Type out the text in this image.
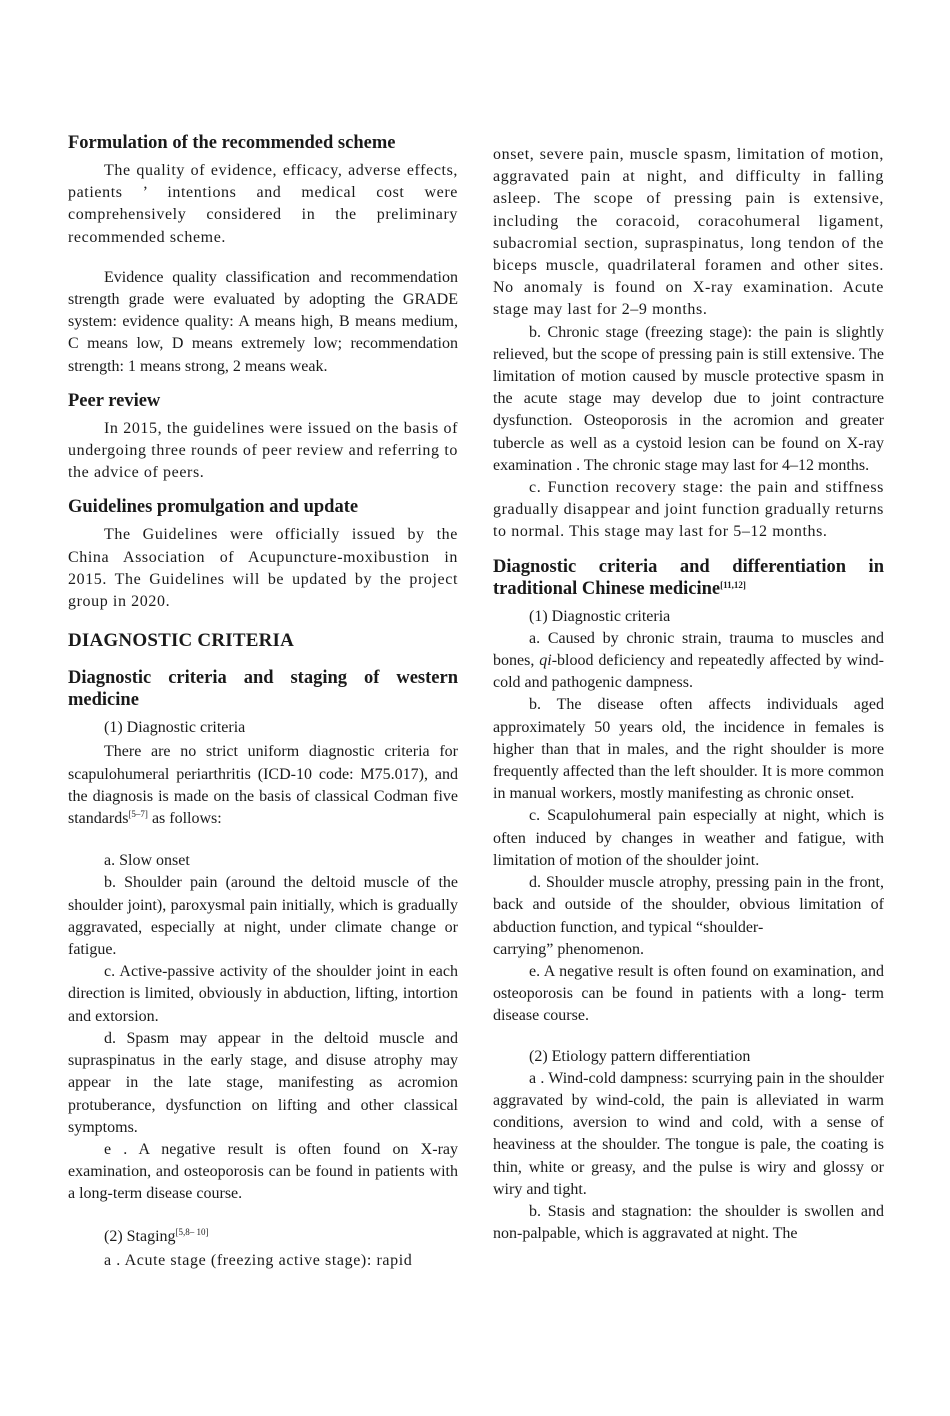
Formulation of the recommended scheme

The quality of evidence, efficacy, adverse effects, patients ’ intentions and medical cost were comprehensively considered in the preliminary recommended scheme.

Evidence quality classification and recommendation strength grade were evaluated by adopting the GRADE system: evidence quality: A means high, B means medium, C means low, D means extremely low; recommendation strength: 1 means strong, 2 means weak.

Peer review

In 2015, the guidelines were issued on the basis of undergoing three rounds of peer review and referring to the advice of peers.

Guidelines promulgation and update

The Guidelines were officially issued by the China Association of Acupuncture-moxibustion in 2015. The Guidelines will be updated by the project group in 2020.

DIAGNOSTIC CRITERIA
Diagnostic criteria and staging of western medicine

(1) Diagnostic criteria

There are no strict uniform diagnostic criteria for scapulohumeral periarthritis (ICD-10 code: M75.017), and the diagnosis is made on the basis of classical Codman five standards[5–7] as follows:

a. Slow onset

b. Shoulder pain (around the deltoid muscle of the shoulder joint), paroxysmal pain initially, which is gradually aggravated, especially at night, under climate change or fatigue.

c. Active-passive activity of the shoulder joint in each direction is limited, obviously in abduction, lifting, intortion and extorsion.

d. Spasm may appear in the deltoid muscle and supraspinatus in the early stage, and disuse atrophy may appear in the late stage, manifesting as acromion protuberance, dysfunction on lifting and other classical symptoms.

e . A negative result is often found on X-ray examination, and osteoporosis can be found in patients with a long-term disease course.

(2) Staging[5,8– 10]

a . Acute stage (freezing active stage): rapid

onset, severe pain, muscle spasm, limitation of motion, aggravated pain at night, and difficulty in falling asleep. The scope of pressing pain is extensive, including the coracoid, coracohumeral ligament, subacromial section, supraspinatus, long tendon of the biceps muscle, quadrilateral foramen and other sites. No anomaly is found on X-ray examination. Acute stage may last for 2–9 months.

b. Chronic stage (freezing stage): the pain is slightly relieved, but the scope of pressing pain is still extensive. The limitation of motion caused by muscle protective spasm in the acute stage may develop due to joint contracture dysfunction. Osteoporosis in the acromion and greater tubercle as well as a cystoid lesion can be found on X-ray examination . The chronic stage may last for 4–12 months.

c. Function recovery stage: the pain and stiffness gradually disappear and joint function gradually returns to normal. This stage may last for 5–12 months.

Diagnostic criteria and differentiation in traditional Chinese medicine[11,12]

(1) Diagnostic criteria

a. Caused by chronic strain, trauma to muscles and bones, qi-blood deficiency and repeatedly affected by wind-cold and pathogenic dampness.

b. The disease often affects individuals aged approximately 50 years old, the incidence in females is higher than that in males, and the right shoulder is more frequently affected than the left shoulder. It is more common in manual workers, mostly manifesting as chronic onset.

c. Scapulohumeral pain especially at night, which is often induced by changes in weather and fatigue, with limitation of motion of the shoulder joint.

d. Shoulder muscle atrophy, pressing pain in the front, back and outside of the shoulder, obvious limitation of abduction function, and typical “shoulder-

carrying” phenomenon.

e. A negative result is often found on examination, and osteoporosis can be found in patients with a long- term disease course.

(2) Etiology pattern differentiation

a . Wind-cold dampness: scurrying pain in the shoulder aggravated by wind-cold, the pain is alleviated in warm conditions, aversion to wind and cold, with a sense of heaviness at the shoulder. The tongue is pale, the coating is thin, white or greasy, and the pulse is wiry and glossy or wiry and tight.

b. Stasis and stagnation: the shoulder is swollen and non-palpable, which is aggravated at night. The
